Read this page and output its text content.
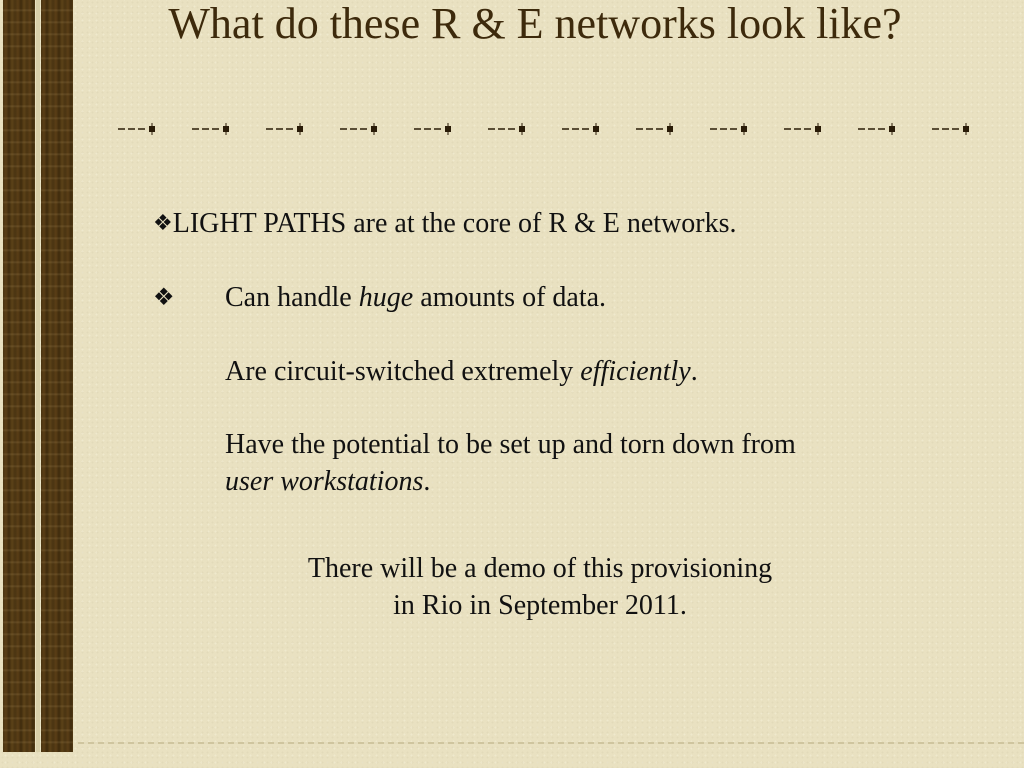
What do these R & E networks look like?
❖LIGHT PATHS are at the core of R & E networks.
❖ Can handle huge amounts of data.
Are circuit-switched extremely efficiently.
Have the potential to be set up and torn down from
user workstations.
There will be a demo of this provisioning
in Rio in September 2011.
